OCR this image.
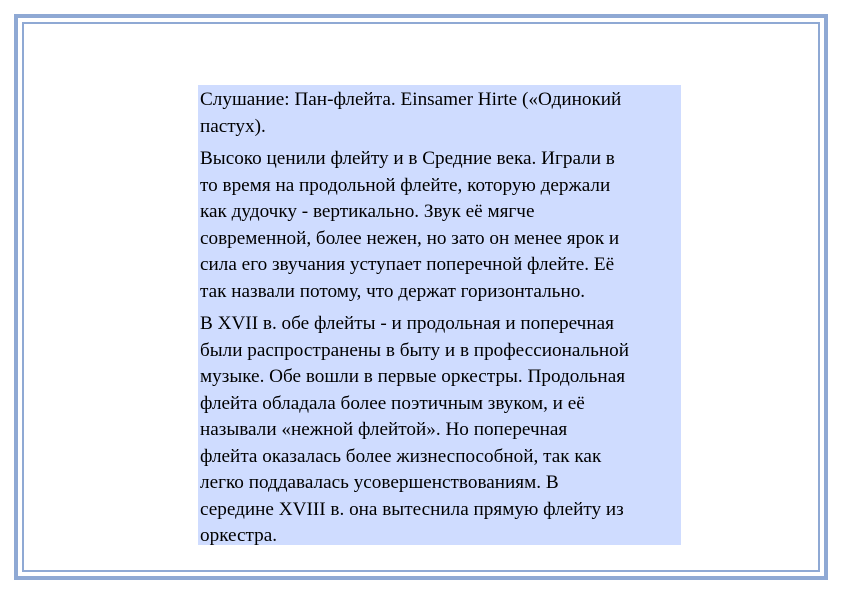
Слушание: Пан-флейта. Einsamer Hirte («Одинокий
пастух).

Высоко ценили флейту и в Средние века. Играли в
то время на продольной флейте, которую держали
как дудочку - вертикально. Звук её мягче
современной, более нежен, но зато он менее ярок и
сила его звучания уступает поперечной флейте. Её
так назвали потому, что держат горизонтально.

В XVII в. обе флейты - и продольная и поперечная
были распространены в быту и в профессиональной
музыке. Обе вошли в первые оркестры. Продольная
флейта обладала более поэтичным звуком, и её
называли «нежной флейтой». Но поперечная
флейта оказалась более жизнеспособной, так как
легко поддавалась усовершенствованиям. В
середине XVIII в. она вытеснила прямую флейту из
оркестра.
